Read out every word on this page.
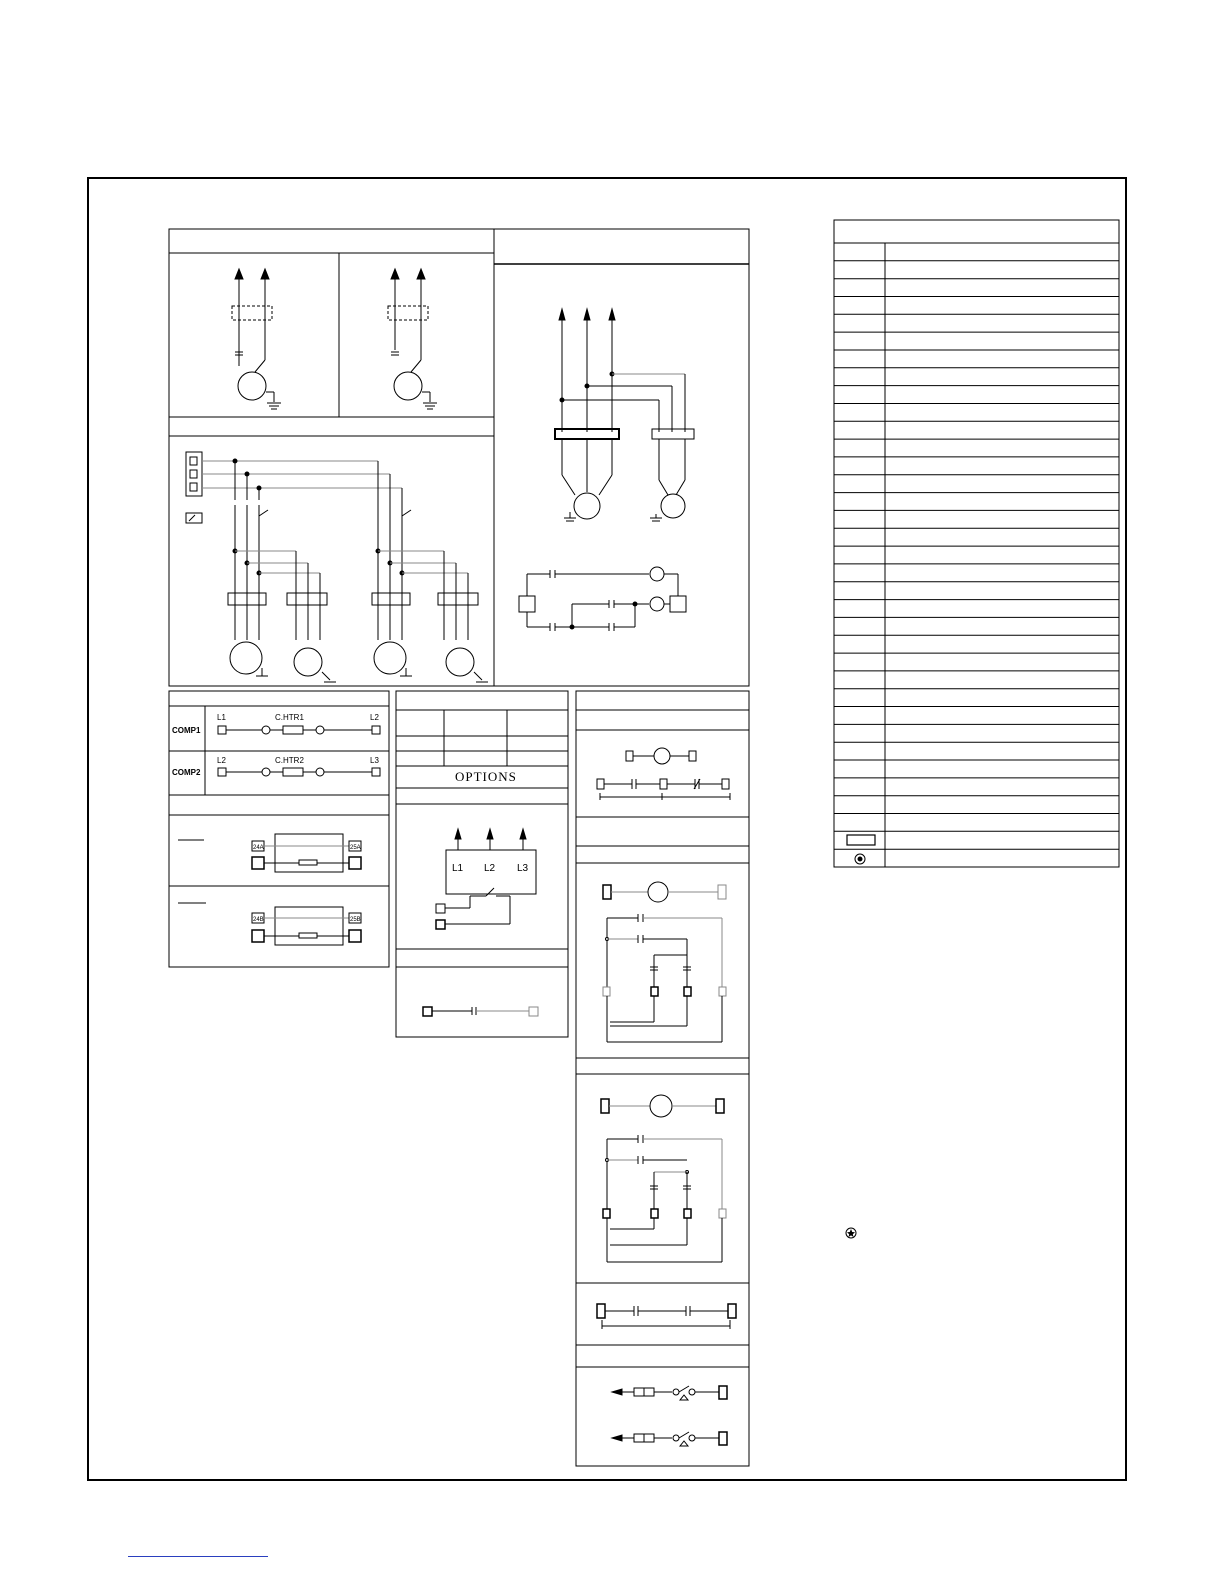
COMP1
L1	C.HTR1	L2
COMP2
L2	C.HTR2	L3
24A	25A
24B	25B
OPTIONS
L1 L2 L3
